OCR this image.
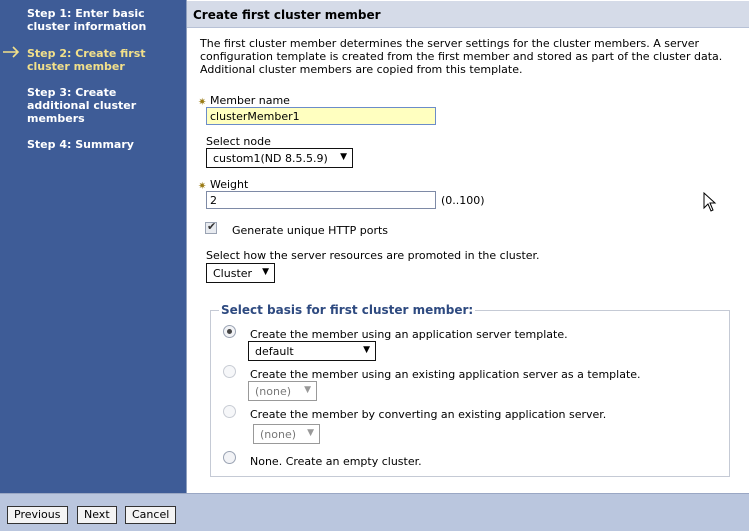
Step 1: Enter basic cluster information
Step 2: Create first cluster member
Step 3: Create additional cluster members
Step 4: Summary
Create first cluster member
The first cluster member determines the server settings for the cluster members. A server configuration template is created from the first member and stored as part of the cluster data. Additional cluster members are copied from this template.
✷ Member name
clusterMember1
Select node
custom1(ND 8.5.5.9) ▼
✷ Weight
2
(0..100)
✔ Generate unique HTTP ports
Select how the server resources are promoted in the cluster.
Cluster ▼
Select basis for first cluster member:
Create the member using an application server template.
default	▼
Create the member using an existing application server as a template.
(none) ▼
Create the member by converting an existing application server.
(none) ▼
None. Create an empty cluster.
Previous	Next	Cancel
